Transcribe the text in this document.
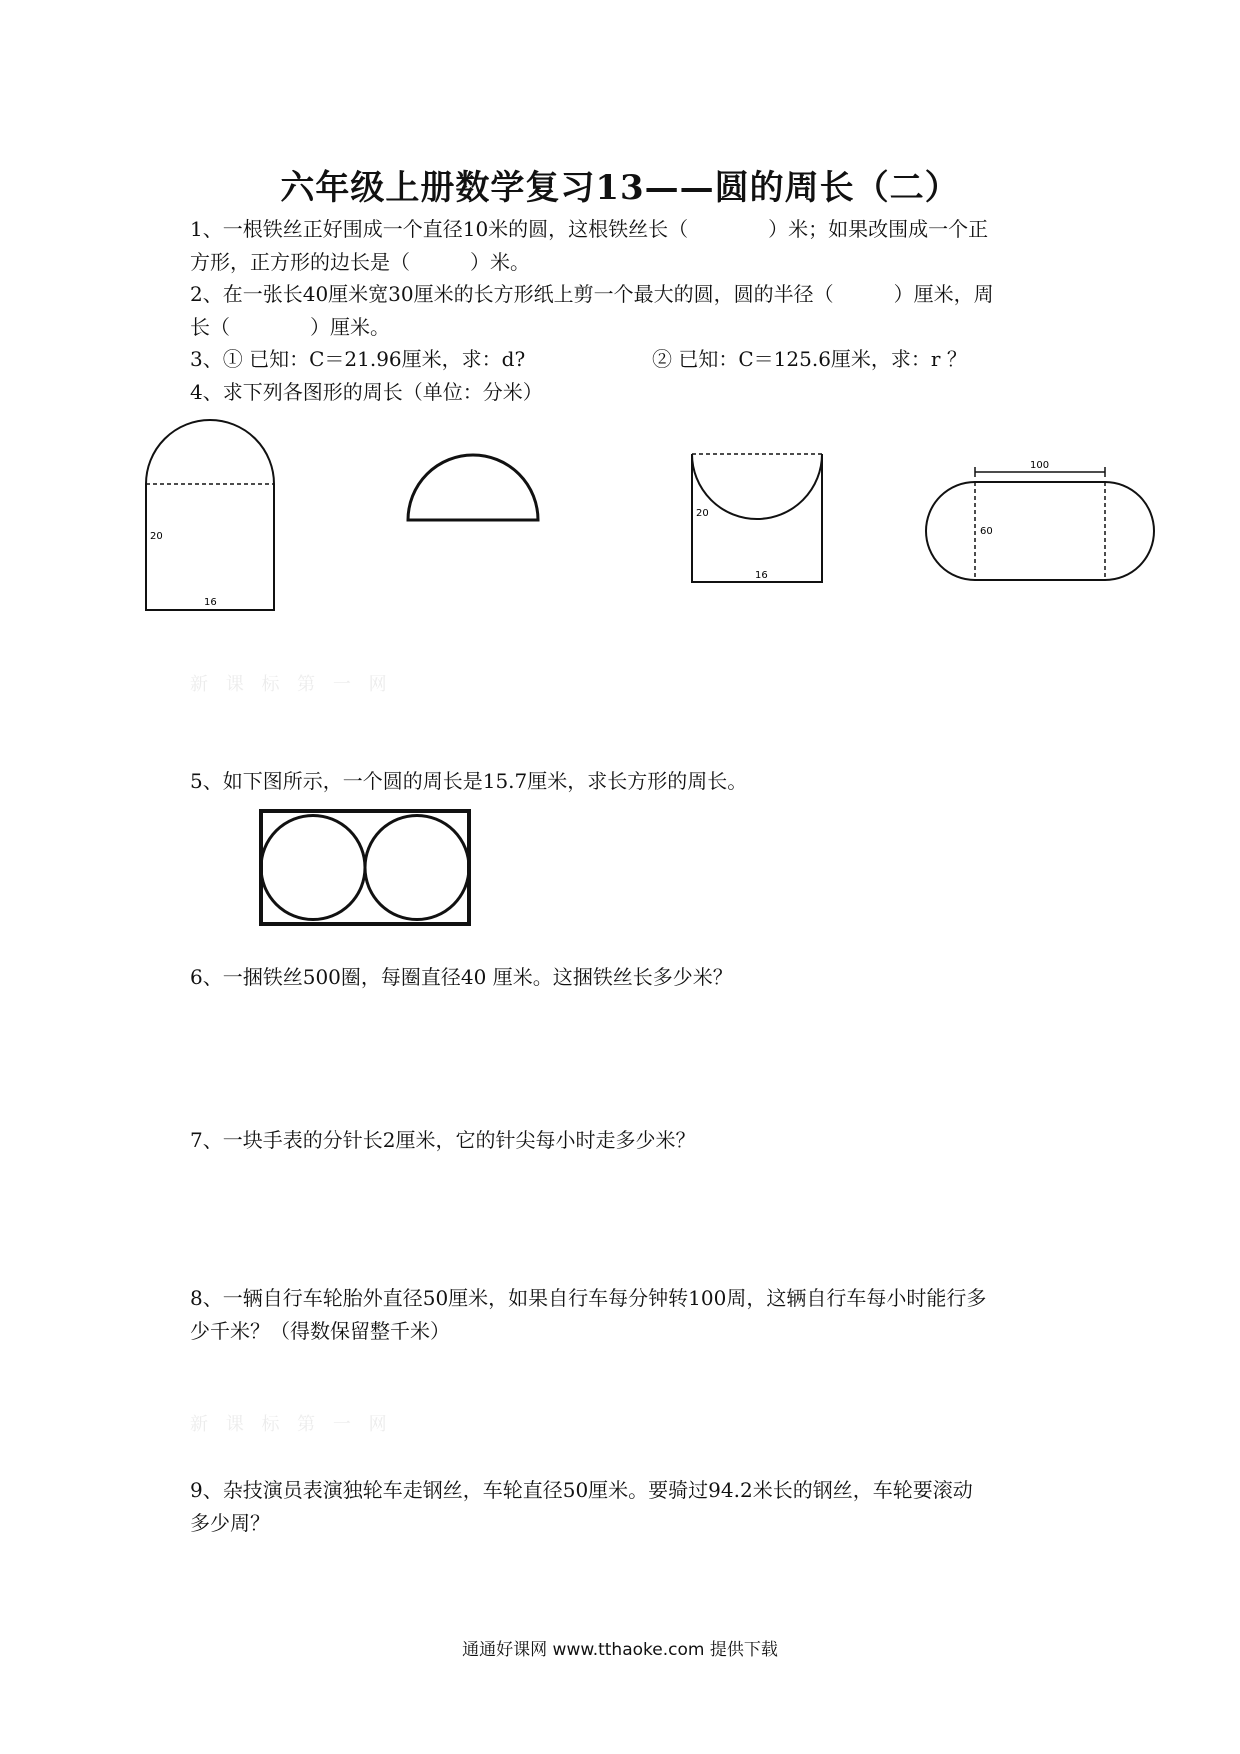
六年级上册数学复习13——圆的周长（二）

1、一根铁丝正好围成一个直径10米的圆，这根铁丝长（　　　　）米；如果改围成一个正

方形，正方形的边长是（　　　）米。

2、在一张长40厘米宽30厘米的长方形纸上剪一个最大的圆，圆的半径（　　　）厘米，周

长（　　　　）厘米。

3、① 已知：C＝21.96厘米，求：d?	② 已知：C＝125.6厘米，求：r ？
4、求下列各图形的周长（单位：分米）
20
16
20
16
100
60
新 课 标 第 一 网
5、如下图所示，一个圆的周长是15.7厘米，求长方形的周长。
6、一捆铁丝500圈，每圈直径40 厘米。这捆铁丝长多少米？
7、一块手表的分针长2厘米，它的针尖每小时走多少米？

8、一辆自行车轮胎外直径50厘米，如果自行车每分钟转100周，这辆自行车每小时能行多

少千米？（得数保留整千米）

新 课 标 第 一 网

9、杂技演员表演独轮车走钢丝，车轮直径50厘米。要骑过94.2米长的钢丝，车轮要滚动

多少周？

通通好课网 www.tthaoke.com 提供下载
